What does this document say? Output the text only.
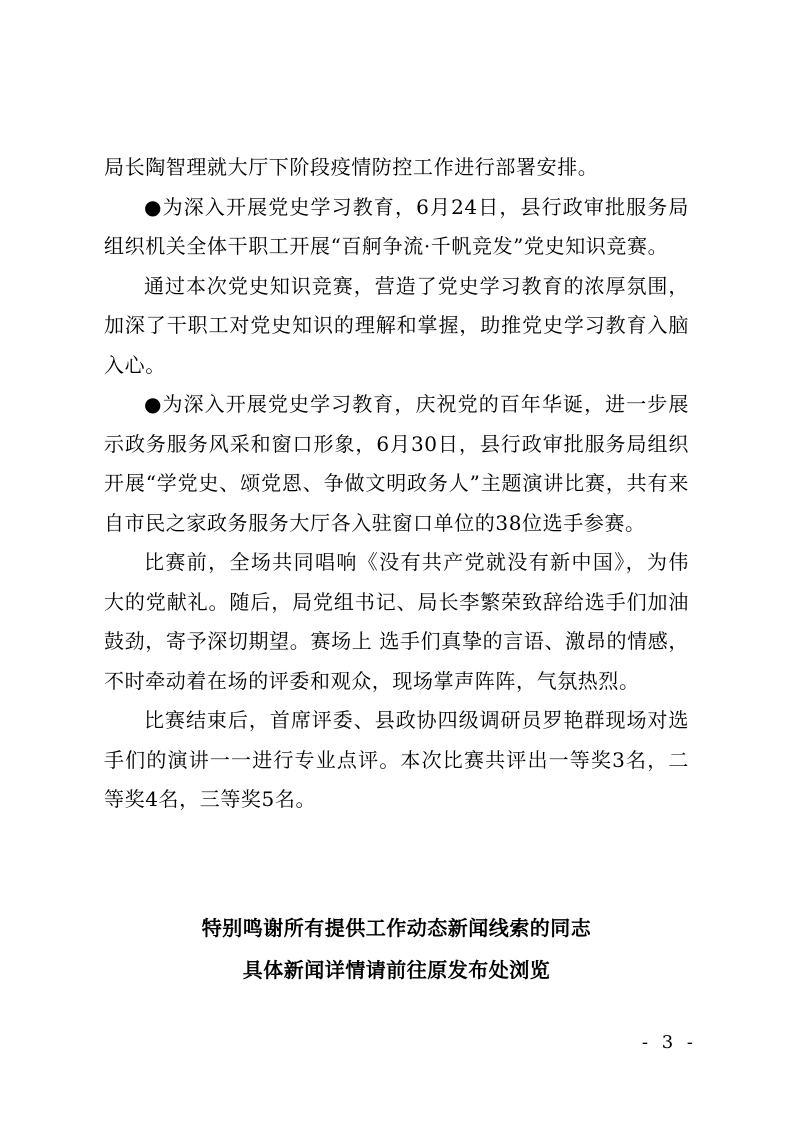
局长陶智理就大厅下阶段疫情防控工作进行部署安排。

●为深入开展党史学习教育，6月24日，县行政审批服务局组织机关全体干职工开展“百舸争流·千帆竞发”党史知识竞赛。

通过本次党史知识竞赛，营造了党史学习教育的浓厚氛围，加深了干职工对党史知识的理解和掌握，助推党史学习教育入脑入心。

●为深入开展党史学习教育，庆祝党的百年华诞，进一步展示政务服务风采和窗口形象，6月30日，县行政审批服务局组织开展“学党史、颂党恩、争做文明政务人”主题演讲比赛，共有来自市民之家政务服务大厅各入驻窗口单位的38位选手参赛。

比赛前，全场共同唱响《没有共产党就没有新中国》，为伟大的党献礼。随后，局党组书记、局长李繁荣致辞给选手们加油鼓劲，寄予深切期望。赛场上 选手们真挚的言语、激昂的情感，不时牵动着在场的评委和观众，现场掌声阵阵，气氛热烈。

比赛结束后，首席评委、县政协四级调研员罗艳群现场对选手们的演讲一一进行专业点评。本次比赛共评出一等奖3名，二等奖4名，三等奖5名。

特别鸣谢所有提供工作动态新闻线索的同志
具体新闻详情请前往原发布处浏览
- 3 -
